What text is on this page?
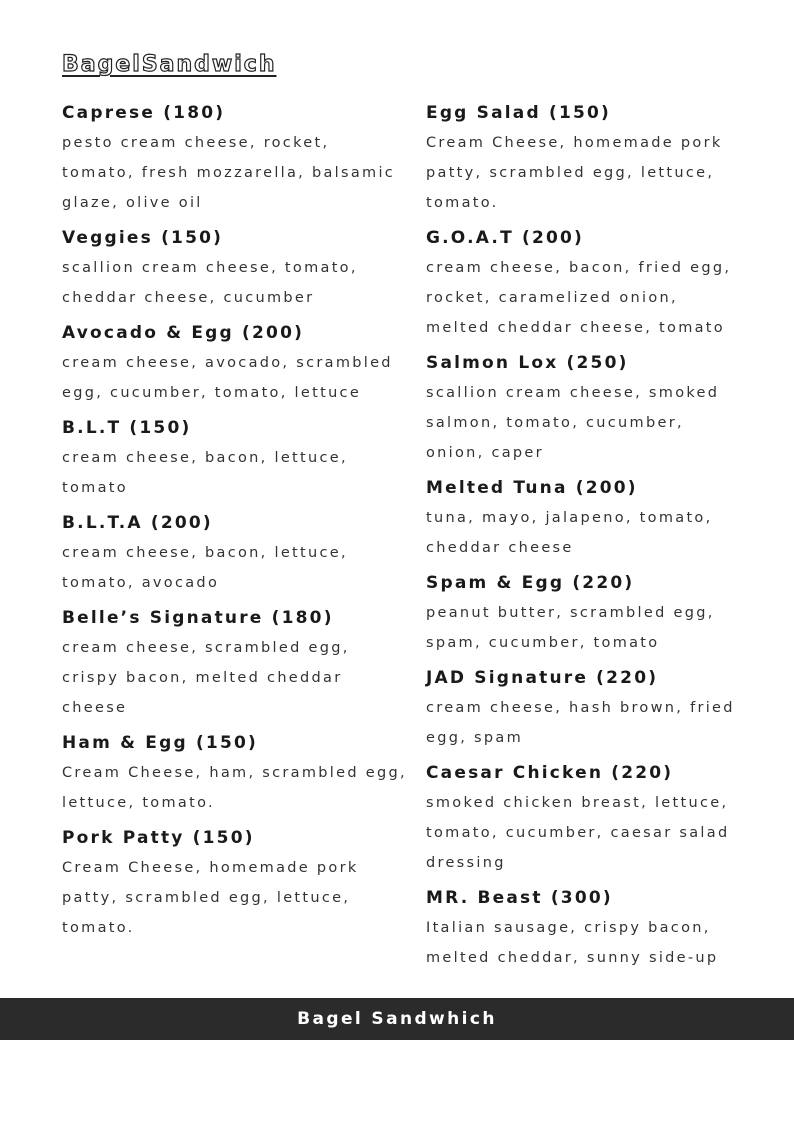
BagelSandwich
Caprese (180)
pesto cream cheese, rocket, tomato, fresh mozzarella, balsamic glaze, olive oil
Veggies (150)
scallion cream cheese, tomato, cheddar cheese, cucumber
Avocado & Egg (200)
cream cheese, avocado, scrambled egg, cucumber, tomato, lettuce
B.L.T (150)
cream cheese, bacon, lettuce, tomato
B.L.T.A (200)
cream cheese, bacon, lettuce, tomato, avocado
Belle’s Signature (180)
cream cheese, scrambled egg, crispy bacon, melted cheddar cheese
Ham & Egg (150)
Cream Cheese, ham, scrambled egg, lettuce, tomato.
Pork Patty (150)
Cream Cheese, homemade pork patty, scrambled egg, lettuce, tomato.
Egg Salad (150)
Cream Cheese, homemade pork patty, scrambled egg, lettuce, tomato.
G.O.A.T (200)
cream cheese, bacon, fried egg, rocket, caramelized onion, melted cheddar cheese, tomato
Salmon Lox (250)
scallion cream cheese, smoked salmon, tomato, cucumber, onion, caper
Melted Tuna (200)
tuna, mayo, jalapeno, tomato, cheddar cheese
Spam & Egg (220)
peanut butter, scrambled egg, spam, cucumber, tomato
JAD Signature (220)
cream cheese, hash brown, fried egg, spam
Caesar Chicken (220)
smoked chicken breast, lettuce, tomato, cucumber, caesar salad dressing
MR. Beast (300)
Italian sausage, crispy bacon, melted cheddar, sunny side-up
Bagel Sandwhich
